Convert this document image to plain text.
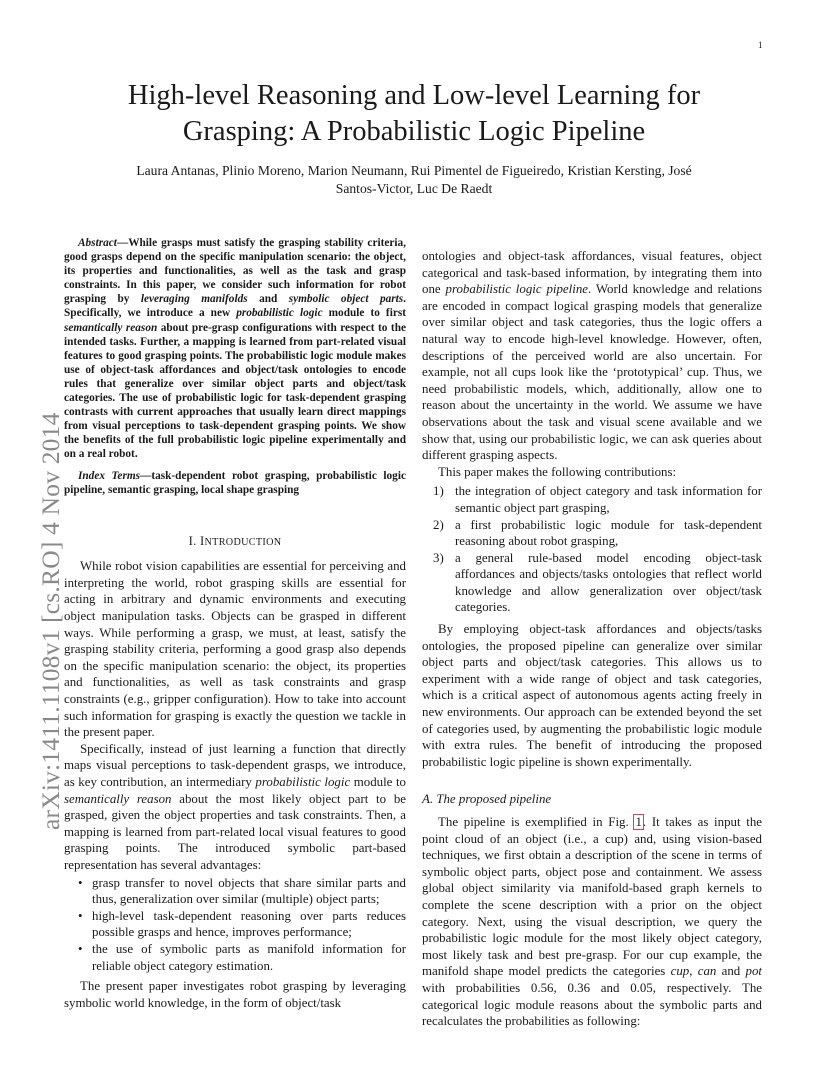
1
arXiv:1411.1108v1 [cs.RO] 4 Nov 2014
High-level Reasoning and Low-level Learning for
Grasping: A Probabilistic Logic Pipeline
Laura Antanas, Plinio Moreno, Marion Neumann, Rui Pimentel de Figueiredo, Kristian Kersting, José
Santos-Victor, Luc De Raedt

Abstract—While grasps must satisfy the grasping stability criteria, good grasps depend on the specific manipulation scenario: the object, its properties and functionalities, as well as the task and grasp constraints. In this paper, we consider such information for robot grasping by leveraging manifolds and symbolic object parts. Specifically, we introduce a new probabilistic logic module to first semantically reason about pre-grasp configurations with respect to the intended tasks. Further, a mapping is learned from part-related visual features to good grasping points. The probabilistic logic module makes use of object-task affordances and object/task ontologies to encode rules that generalize over similar object parts and object/task categories. The use of probabilistic logic for task-dependent grasping contrasts with current approaches that usually learn direct mappings from visual perceptions to task-dependent grasping points. We show the benefits of the full probabilistic logic pipeline experimentally and on a real robot.

Index Terms—task-dependent robot grasping, probabilistic logic pipeline, semantic grasping, local shape grasping

I. INTRODUCTION

While robot vision capabilities are essential for perceiving and interpreting the world, robot grasping skills are essential for acting in arbitrary and dynamic environments and executing object manipulation tasks. Objects can be grasped in different ways. While performing a grasp, we must, at least, satisfy the grasping stability criteria, performing a good grasp also depends on the specific manipulation scenario: the object, its properties and functionalities, as well as task constraints and grasp constraints (e.g., gripper configuration). How to take into account such information for grasping is exactly the question we tackle in the present paper.

Specifically, instead of just learning a function that directly maps visual perceptions to task-dependent grasps, we introduce, as key contribution, an intermediary probabilistic logic module to semantically reason about the most likely object part to be grasped, given the object properties and task constraints. Then, a mapping is learned from part-related local visual features to good grasping points. The introduced symbolic part-based representation has several advantages:

• grasp transfer to novel objects that share similar parts and thus, generalization over similar (multiple) object parts;
• high-level task-dependent reasoning over parts reduces possible grasps and hence, improves performance;
• the use of symbolic parts as manifold information for reliable object category estimation.

The present paper investigates robot grasping by leveraging symbolic world knowledge, in the form of object/task

ontologies and object-task affordances, visual features, object categorical and task-based information, by integrating them into one probabilistic logic pipeline. World knowledge and relations are encoded in compact logical grasping models that generalize over similar object and task categories, thus the logic offers a natural way to encode high-level knowledge. However, often, descriptions of the perceived world are also uncertain. For example, not all cups look like the ‘prototypical’ cup. Thus, we need probabilistic models, which, additionally, allow one to reason about the uncertainty in the world. We assume we have observations about the task and visual scene available and we show that, using our probabilistic logic, we can ask queries about different grasping aspects.

This paper makes the following contributions:

1) the integration of object category and task information for semantic object part grasping,
2) a first probabilistic logic module for task-dependent reasoning about robot grasping,
3) a general rule-based model encoding object-task affordances and objects/tasks ontologies that reflect world knowledge and allow generalization over object/task categories.

By employing object-task affordances and objects/tasks ontologies, the proposed pipeline can generalize over similar object parts and object/task categories. This allows us to experiment with a wide range of object and task categories, which is a critical aspect of autonomous agents acting freely in new environments. Our approach can be extended beyond the set of categories used, by augmenting the probabilistic logic module with extra rules. The benefit of introducing the proposed probabilistic logic pipeline is shown experimentally.

A. The proposed pipeline

The pipeline is exemplified in Fig. 1. It takes as input the point cloud of an object (i.e., a cup) and, using vision-based techniques, we first obtain a description of the scene in terms of symbolic object parts, object pose and containment. We assess global object similarity via manifold-based graph kernels to complete the scene description with a prior on the object category. Next, using the visual description, we query the probabilistic logic module for the most likely object category, most likely task and best pre-grasp. For our cup example, the manifold shape model predicts the categories cup, can and pot with probabilities 0.56, 0.36 and 0.05, respectively. The categorical logic module reasons about the symbolic parts and recalculates the probabilities as following:
